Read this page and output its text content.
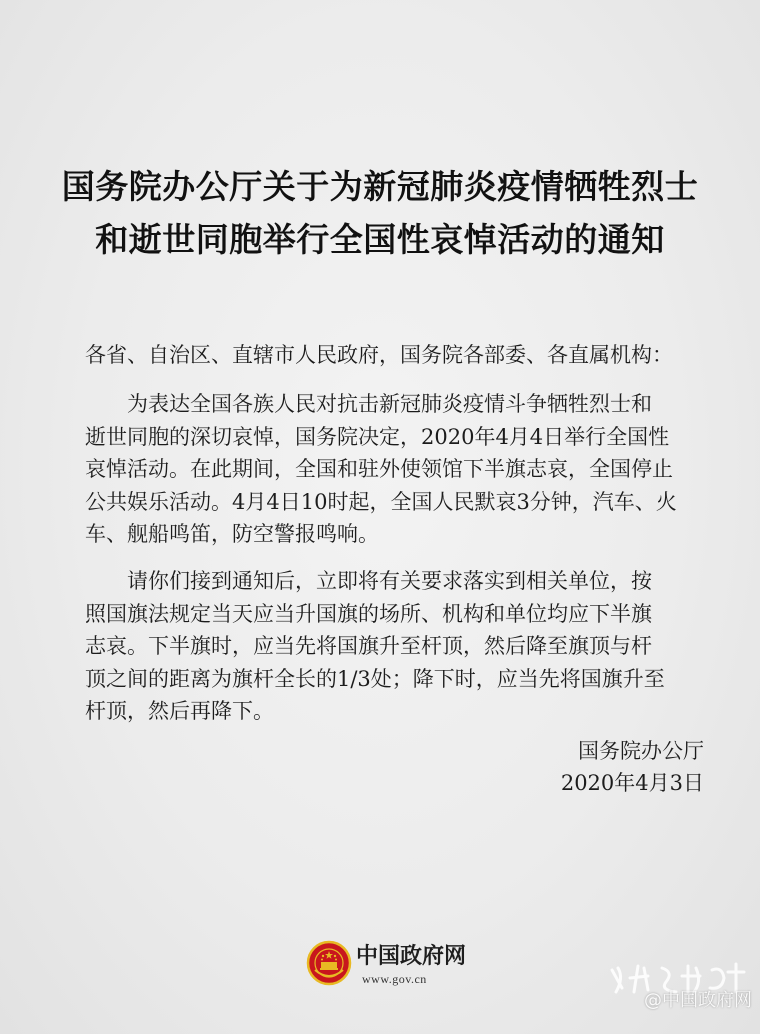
国务院办公厅关于为新冠肺炎疫情牺牲烈士
和逝世同胞举行全国性哀悼活动的通知
各省、自治区、直辖市人民政府，国务院各部委、各直属机构：
为表达全国各族人民对抗击新冠肺炎疫情斗争牺牲烈士和
逝世同胞的深切哀悼，国务院决定，2020年4月4日举行全国性
哀悼活动。在此期间，全国和驻外使领馆下半旗志哀，全国停止
公共娱乐活动。4月4日10时起，全国人民默哀3分钟，汽车、火
车、舰船鸣笛，防空警报鸣响。
请你们接到通知后，立即将有关要求落实到相关单位，按
照国旗法规定当天应当升国旗的场所、机构和单位均应下半旗
志哀。下半旗时，应当先将国旗升至杆顶，然后降至旗顶与杆
顶之间的距离为旗杆全长的1/3处；降下时，应当先将国旗升至
杆顶，然后再降下。
国务院办公厅
2020年4月3日
中国政府网
www.gov.cn
@中国政府网
